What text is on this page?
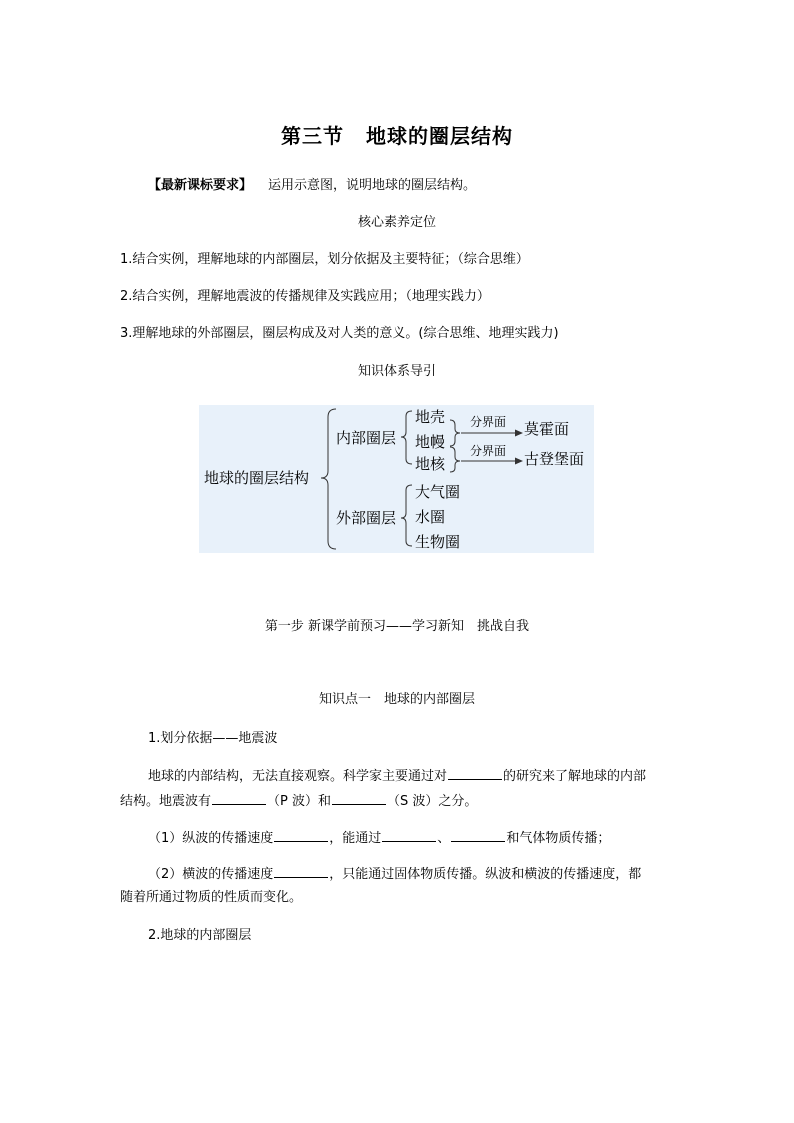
第三节 地球的圈层结构
【最新课标要求】 运用示意图，说明地球的圈层结构。
核心素养定位
1.结合实例，理解地球的内部圈层，划分依据及主要特征；（综合思维）
2.结合实例，理解地震波的传播规律及实践应用；（地理实践力）
3.理解地球的外部圈层，圈层构成及对人类的意义。(综合思维、地理实践力)
知识体系导引
地球的圈层结构
内部圈层
外部圈层
地壳
地幔
地核
分界面
分界面
莫霍面
古登堡面
大气圈
水圈
生物圈
第一步 新课学前预习——学习新知　挑战自我
知识点一　地球的内部圈层
1.划分依据——地震波
地球的内部结构，无法直接观察。科学家主要通过对	的研究来了解地球的内部
结构。地震波有	（P 波）和	（S 波）之分。
（1）纵波的传播速度	，能通过	、	和气体物质传播；
（2）横波的传播速度	，只能通过固体物质传播。纵波和横波的传播速度，都
随着所通过物质的性质而变化。
2.地球的内部圈层
